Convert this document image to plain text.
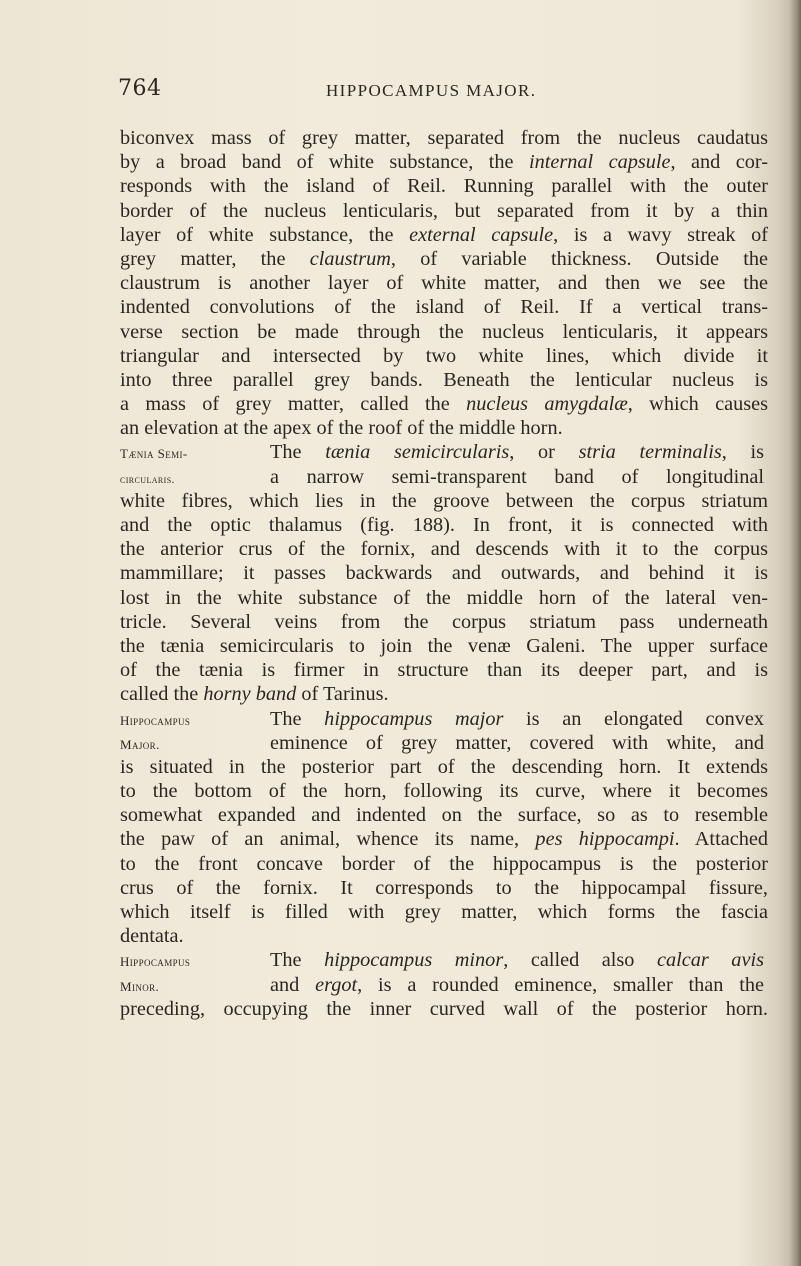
764	HIPPOCAMPUS MAJOR.
biconvex mass of grey matter, separated from the nucleus caudatus
by a broad band of white substance, the internal capsule, and cor-
responds with the island of Reil. Running parallel with the outer
border of the nucleus lenticularis, but separated from it by a thin
layer of white substance, the external capsule, is a wavy streak of
grey matter, the claustrum, of variable thickness. Outside the
claustrum is another layer of white matter, and then we see the
indented convolutions of the island of Reil. If a vertical trans-
verse section be made through the nucleus lenticularis, it appears
triangular and intersected by two white lines, which divide it
into three parallel grey bands. Beneath the lenticular nucleus is
a mass of grey matter, called the nucleus amygdalæ, which causes
an elevation at the apex of the roof of the middle horn.
Tænia Semi-	The tænia semicircularis, or stria terminalis, is
circularis.	a narrow semi-transparent band of longitudinal
white fibres, which lies in the groove between the corpus striatum
and the optic thalamus (fig. 188). In front, it is connected with
the anterior crus of the fornix, and descends with it to the corpus
mammillare; it passes backwards and outwards, and behind it is
lost in the white substance of the middle horn of the lateral ven-
tricle. Several veins from the corpus striatum pass underneath
the tænia semicircularis to join the venæ Galeni. The upper surface
of the tænia is firmer in structure than its deeper part, and is
called the horny band of Tarinus.
Hippocampus	The hippocampus major is an elongated convex
Major.	eminence of grey matter, covered with white, and
is situated in the posterior part of the descending horn. It extends
to the bottom of the horn, following its curve, where it becomes
somewhat expanded and indented on the surface, so as to resemble
the paw of an animal, whence its name, pes hippocampi. Attached
to the front concave border of the hippocampus is the posterior
crus of the fornix. It corresponds to the hippocampal fissure,
which itself is filled with grey matter, which forms the fascia
dentata.
Hippocampus	The hippocampus minor, called also calcar avis
Minor.	and ergot, is a rounded eminence, smaller than the
preceding, occupying the inner curved wall of the posterior horn.
